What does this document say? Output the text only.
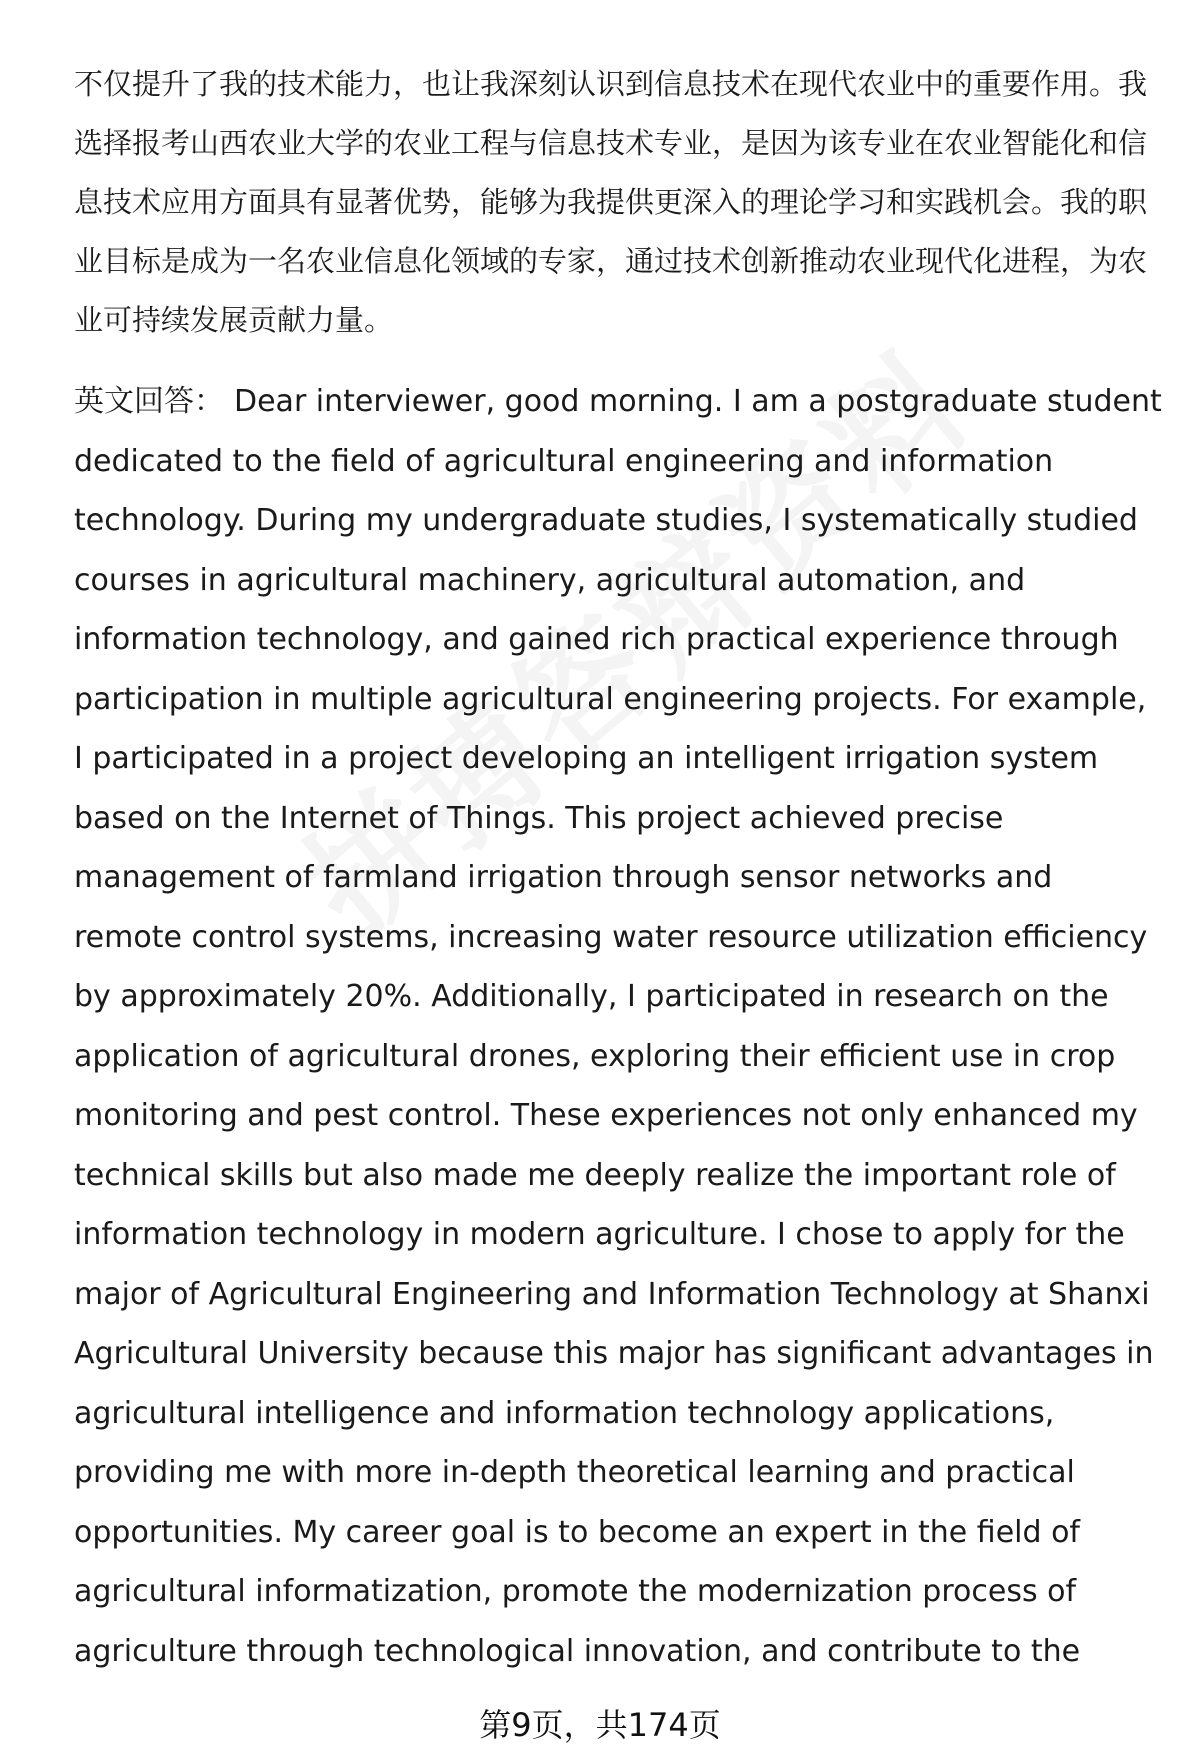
不仅提升了我的技术能力，也让我深刻认识到信息技术在现代农业中的重要作用。我选择报考山西农业大学的农业工程与信息技术专业，是因为该专业在农业智能化和信息技术应用方面具有显著优势，能够为我提供更深入的理论学习和实践机会。我的职业目标是成为一名农业信息化领域的专家，通过技术创新推动农业现代化进程，为农业可持续发展贡献力量。

英文回答： Dear interviewer, good morning. I am a postgraduate student dedicated to the field of agricultural engineering and information technology. During my undergraduate studies, I systematically studied courses in agricultural machinery, agricultural automation, and information technology, and gained rich practical experience through participation in multiple agricultural engineering projects. For example, I participated in a project developing an intelligent irrigation system based on the Internet of Things. This project achieved precise management of farmland irrigation through sensor networks and remote control systems, increasing water resource utilization efficiency by approximately 20%. Additionally, I participated in research on the application of agricultural drones, exploring their efficient use in crop monitoring and pest control. These experiences not only enhanced my technical skills but also made me deeply realize the important role of information technology in modern agriculture. I chose to apply for the major of Agricultural Engineering and Information Technology at Shanxi Agricultural University because this major has significant advantages in agricultural intelligence and information technology applications, providing me with more in-depth theoretical learning and practical opportunities. My career goal is to become an expert in the field of agricultural informatization, promote the modernization process of agriculture through technological innovation, and contribute to the

第9页，共174页
